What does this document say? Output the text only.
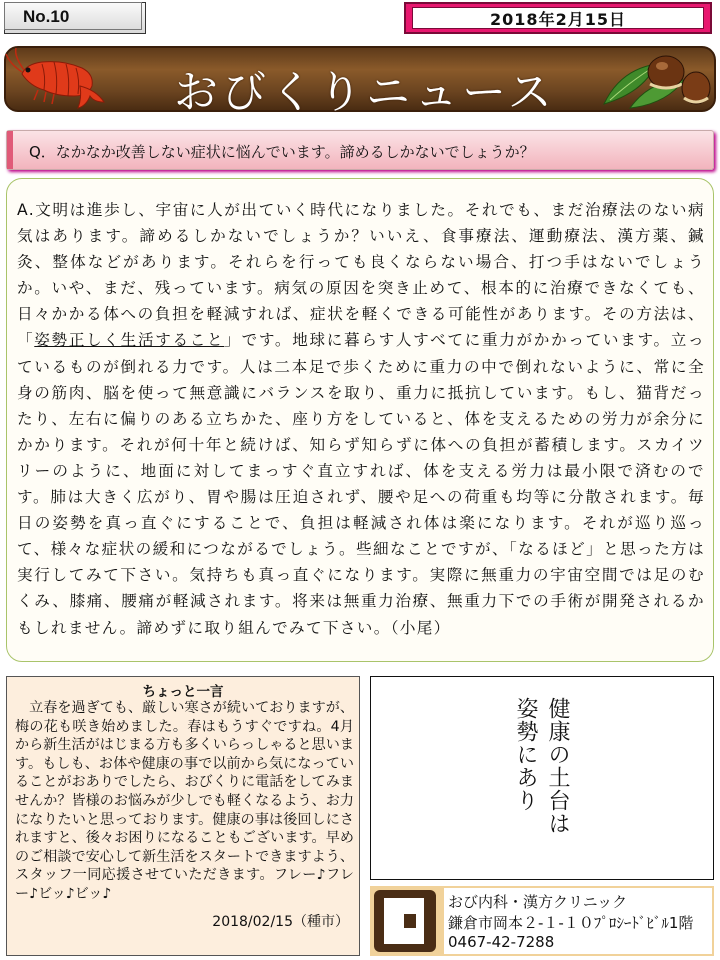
No.10	2018年2月15日
おびくりニュース
Q．なかなか改善しない症状に悩んでいます。諦めるしかないでしょうか？

A.文明は進歩し、宇宙に人が出ていく時代になりました。それでも、まだ治療法のない病気はあります。諦めるしかないでしょうか？いいえ、食事療法、運動療法、漢方薬、鍼灸、整体などがあります。それらを行っても良くならない場合、打つ手はないでしょうか。いや、まだ、残っています。病気の原因を突き止めて、根本的に治療できなくても、日々かかる体への負担を軽減すれば、症状を軽くできる可能性があります。その方法は、「姿勢正しく生活すること」です。地球に暮らす人すべてに重力がかかっています。立っているものが倒れる力です。人は二本足で歩くために重力の中で倒れないように、常に全身の筋肉、脳を使って無意識にバランスを取り、重力に抵抗しています。もし、猫背だったり、左右に偏りのある立ちかた、座り方をしていると、体を支えるための労力が余分にかかります。それが何十年と続けば、知らず知らずに体への負担が蓄積します。スカイツリーのように、地面に対してまっすぐ直立すれば、体を支える労力は最小限で済むのです。肺は大きく広がり、胃や腸は圧迫されず、腰や足への荷重も均等に分散されます。毎日の姿勢を真っ直ぐにすることで、負担は軽減され体は楽になります。それが巡り巡って、様々な症状の緩和につながるでしょう。些細なことですが、「なるほど」と思った方は実行してみて下さい。気持ちも真っ直ぐになります。実際に無重力の宇宙空間では足のむくみ、膝痛、腰痛が軽減されます。将来は無重力治療、無重力下での手術が開発されるかもしれません。諦めずに取り組んでみて下さい。（小尾）

ちょっと一言

　立春を過ぎても、厳しい寒さが続いておりますが、梅の花も咲き始めました。春はもうすぐですね。4月から新生活がはじまる方も多くいらっしゃると思います。もしも、お体や健康の事で以前から気になっていることがおありでしたら、おびくりに電話をしてみませんか？皆様のお悩みが少しでも軽くなるよう、お力になりたいと思っております。健康の事は後回しにされますと、後々お困りになることもございます。早めのご相談で安心して新生活をスタートできますよう、スタッフ一同応援させていただきます。フレー♪フレー♪ビッ♪ビッ♪

2018/02/15（種市）
健康の土台は
姿勢にあり
おび内科・漢方クリニック
鎌倉市岡本２-１-１０ﾌﾟﾛｼｰﾄﾞﾋﾞﾙ1階
0467-42-7288
